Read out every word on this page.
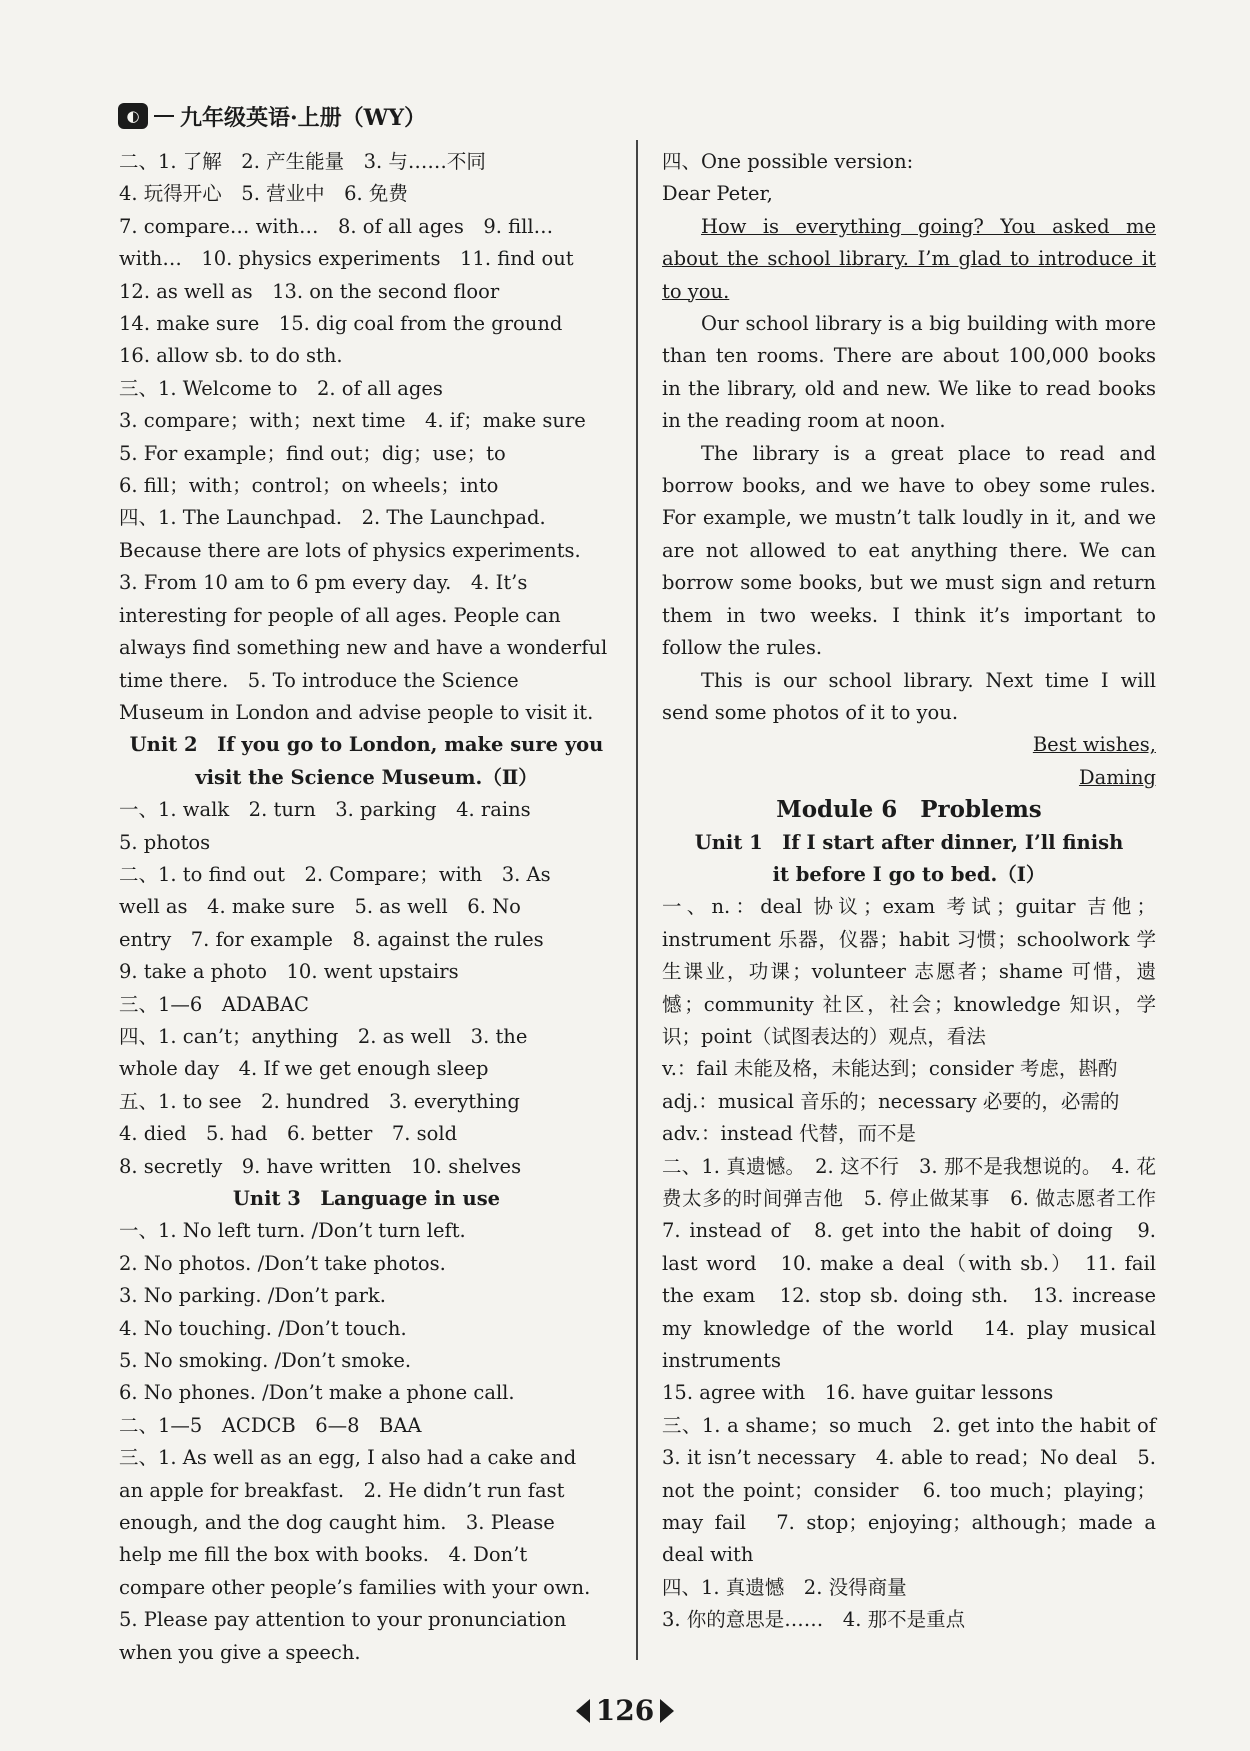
◐	九年级英语·上册（WY）
二、1. 了解　2. 产生能量　3. 与……不同
4. 玩得开心　5. 营业中　6. 免费
7. compare… with…　8. of all ages　9. fill…
with…　10. physics experiments　11. find out
12. as well as　13. on the second floor
14. make sure　15. dig coal from the ground
16. allow sb. to do sth.
三、1. Welcome to　2. of all ages
3. compare；with；next time　4. if；make sure
5. For example；find out；dig；use；to
6. fill；with；control；on wheels；into
四、1. The Launchpad.　2. The Launchpad.
Because there are lots of physics experiments.
3. From 10 am to 6 pm every day.　4. It’s
interesting for people of all ages. People can
always find something new and have a wonderful
time there.　5. To introduce the Science
Museum in London and advise people to visit it.
Unit 2　If you go to London, make sure you
visit the Science Museum.（Ⅱ）
一、1. walk　2. turn　3. parking　4. rains
5. photos
二、1. to find out　2. Compare；with　3. As
well as　4. make sure　5. as well　6. No
entry　7. for example　8. against the rules
9. take a photo　10. went upstairs
三、1—6　ADABAC
四、1. can’t；anything　2. as well　3. the
whole day　4. If we get enough sleep
五、1. to see　2. hundred　3. everything
4. died　5. had　6. better　7. sold
8. secretly　9. have written　10. shelves
Unit 3　Language in use
一、1. No left turn. /Don’t turn left.
2. No photos. /Don’t take photos.
3. No parking. /Don’t park.
4. No touching. /Don’t touch.
5. No smoking. /Don’t smoke.
6. No phones. /Don’t make a phone call.
二、1—5　ACDCB　6—8　BAA
三、1. As well as an egg, I also had a cake and
an apple for breakfast.　2. He didn’t run fast
enough, and the dog caught him.　3. Please
help me fill the box with books.　4. Don’t
compare other people’s families with your own.
5. Please pay attention to your pronunciation
when you give a speech.
四、One possible version:
Dear Peter,
How is everything going? You asked me about the school library. I’m glad to introduce it to you.
Our school library is a big building with more than ten rooms. There are about 100,000 books in the library, old and new. We like to read books in the reading room at noon.
The library is a great place to read and borrow books, and we have to obey some rules. For example, we mustn’t talk loudly in it, and we are not allowed to eat anything there. We can borrow some books, but we must sign and return them in two weeks. I think it’s important to follow the rules.
This is our school library. Next time I will send some photos of it to you.
Best wishes,
Daming
Module 6　Problems
Unit 1　If I start after dinner, I’ll finish
it before I go to bed.（Ⅰ）
一、n.：deal 协议；exam 考试；guitar 吉他；instrument 乐器，仪器；habit 习惯；schoolwork 学生课业，功课；volunteer 志愿者；shame 可惜，遗憾；community 社区，社会；knowledge 知识，学识；point（试图表达的）观点，看法
v.：fail 未能及格，未能达到；consider 考虑，斟酌
adj.：musical 音乐的；necessary 必要的，必需的
adv.：instead 代替，而不是
二、1. 真遗憾。　2. 这不行　3. 那不是我想说的。　4. 花费太多的时间弹吉他　5. 停止做某事　6. 做志愿者工作　7. instead of　8. get into the habit of doing　9. last word　10. make a deal（with sb.）　11. fail the exam　12. stop sb. doing sth.　13. increase my knowledge of the world　14. play musical instruments
15. agree with　16. have guitar lessons
三、1. a shame；so much　2. get into the habit of　3. it isn’t necessary　4. able to read；No deal　5. not the point；consider　6. too much；playing；may fail　7. stop；enjoying；although；made a deal with
四、1. 真遗憾　2. 没得商量
3. 你的意思是……　4. 那不是重点
126
